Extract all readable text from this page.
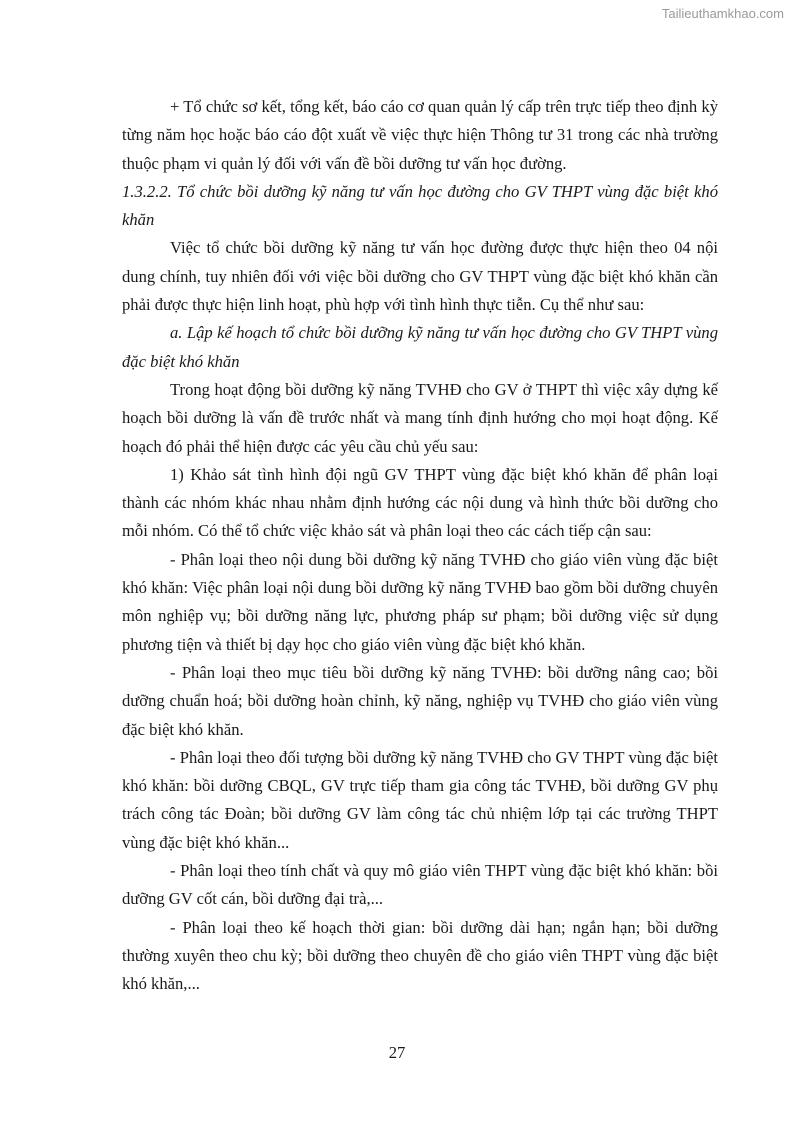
Tailieuthamkhao.com

+ Tổ chức sơ kết, tổng kết, báo cáo cơ quan quản lý cấp trên trực tiếp theo định kỳ từng năm học hoặc báo cáo đột xuất về việc thực hiện Thông tư 31 trong các nhà trường thuộc phạm vi quản lý đối với vấn đề bồi dưỡng tư vấn học đường.

1.3.2.2. Tổ chức bồi dưỡng kỹ năng tư vấn học đường cho GV THPT vùng đặc biệt khó khăn

Việc tổ chức bồi dưỡng kỹ năng tư vấn học đường được thực hiện theo 04 nội dung chính, tuy nhiên đối với việc bồi dưỡng cho GV THPT vùng đặc biệt khó khăn cần phải được thực hiện linh hoạt, phù hợp với tình hình thực tiễn. Cụ thể như sau:

a. Lập kế hoạch tổ chức bồi dưỡng kỹ năng tư vấn học đường cho GV THPT vùng đặc biệt khó khăn

Trong hoạt động bồi dưỡng kỹ năng TVHĐ cho GV ở THPT thì việc xây dựng kế hoạch bồi dưỡng là vấn đề trước nhất và mang tính định hướng cho mọi hoạt động. Kế hoạch đó phải thể hiện được các yêu cầu chủ yếu sau:

1) Khảo sát tình hình đội ngũ GV THPT vùng đặc biệt khó khăn để phân loại thành các nhóm khác nhau nhằm định hướng các nội dung và hình thức bồi dưỡng cho mỗi nhóm. Có thể tổ chức việc khảo sát và phân loại theo các cách tiếp cận sau:

- Phân loại theo nội dung bồi dưỡng kỹ năng TVHĐ cho giáo viên vùng đặc biệt khó khăn: Việc phân loại nội dung bồi dưỡng kỹ năng TVHĐ bao gồm bồi dưỡng chuyên môn nghiệp vụ; bồi dưỡng năng lực, phương pháp sư phạm; bồi dưỡng việc sử dụng phương tiện và thiết bị dạy học cho giáo viên vùng đặc biệt khó khăn.

- Phân loại theo mục tiêu bồi dưỡng kỹ năng TVHĐ: bồi dưỡng nâng cao; bồi dưỡng chuẩn hoá; bồi dưỡng hoàn chỉnh, kỹ năng, nghiệp vụ TVHĐ cho giáo viên vùng đặc biệt khó khăn.

- Phân loại theo đối tượng bồi dưỡng kỹ năng TVHĐ cho GV THPT vùng đặc biệt khó khăn: bồi dưỡng CBQL, GV trực tiếp tham gia công tác TVHĐ, bồi dưỡng GV phụ trách công tác Đoàn; bồi dưỡng GV làm công tác chủ nhiệm lớp tại các trường THPT vùng đặc biệt khó khăn...

- Phân loại theo tính chất và quy mô giáo viên THPT vùng đặc biệt khó khăn: bồi dưỡng GV cốt cán, bồi dưỡng đại trà,...

- Phân loại theo kế hoạch thời gian: bồi dưỡng dài hạn; ngắn hạn; bồi dưỡng thường xuyên theo chu kỳ; bồi dưỡng theo chuyên đề cho giáo viên THPT vùng đặc biệt khó khăn,...

27
